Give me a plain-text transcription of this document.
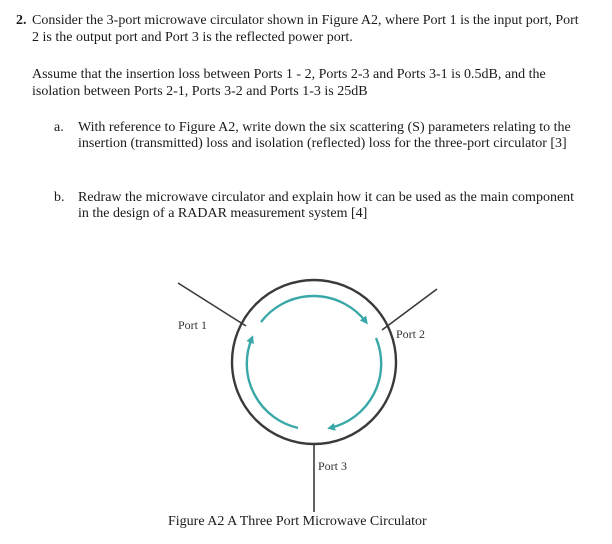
2. Consider the 3-port microwave circulator shown in Figure A2, where Port 1 is the input port, Port 2 is the output port and Port 3 is the reflected power port.
Assume that the insertion loss between Ports 1 - 2, Ports 2-3 and Ports 3-1 is 0.5dB, and the isolation between Ports 2-1, Ports 3-2 and Ports 1-3 is 25dB
a. With reference to Figure A2, write down the six scattering (S) parameters relating to the insertion (transmitted) loss and isolation (reflected) loss for the three-port circulator [3]
b. Redraw the microwave circulator and explain how it can be used as the main component in the design of a RADAR measurement system [4]
Port 1
Port 2
Port 3
Figure A2 A Three Port Microwave Circulator
